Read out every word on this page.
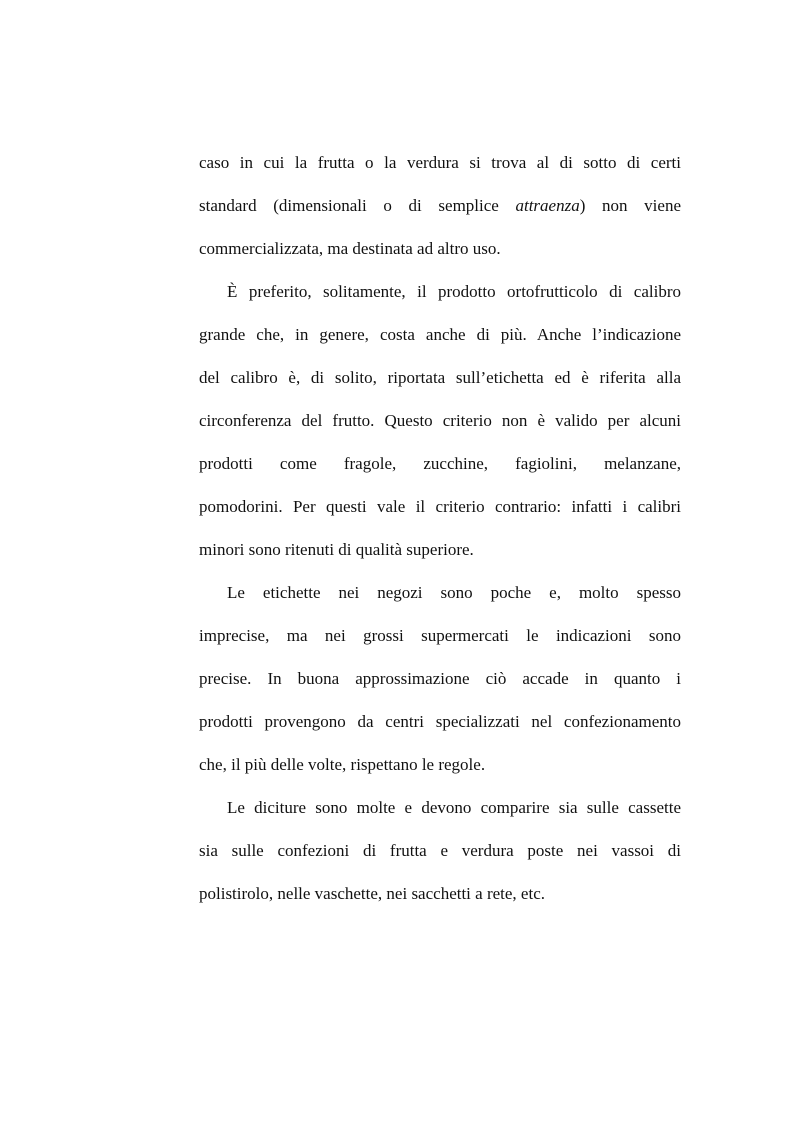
caso in cui la frutta o la verdura si trova al di sotto di certi
standard (dimensionali o di semplice attraenza) non viene
commercializzata, ma destinata ad altro uso.
È preferito, solitamente, il prodotto ortofrutticolo di calibro
grande che, in genere, costa anche di più. Anche l’indicazione
del calibro è, di solito, riportata sull’etichetta ed è riferita alla
circonferenza del frutto. Questo criterio non è valido per alcuni
prodotti come fragole, zucchine, fagiolini, melanzane,
pomodorini. Per questi vale il criterio contrario: infatti i calibri
minori sono ritenuti di qualità superiore.
Le etichette nei negozi sono poche e, molto spesso
imprecise, ma nei grossi supermercati le indicazioni sono
precise. In buona approssimazione ciò accade in quanto i
prodotti provengono da centri specializzati nel confezionamento
che, il più delle volte, rispettano le regole.
Le diciture sono molte e devono comparire sia sulle cassette
sia sulle confezioni di frutta e verdura poste nei vassoi di
polistirolo, nelle vaschette, nei sacchetti a rete, etc.
